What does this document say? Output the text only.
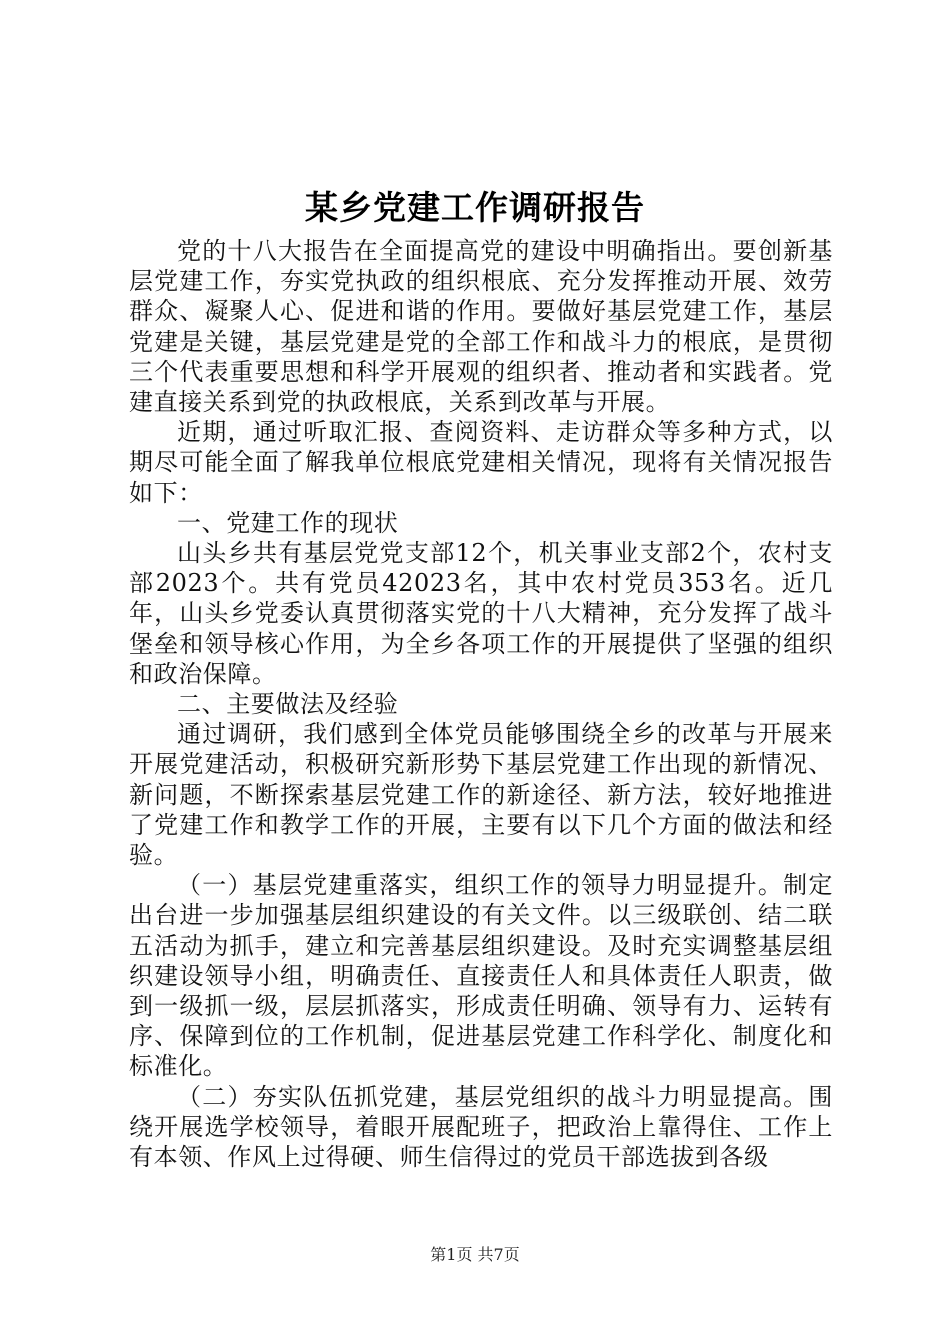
某乡党建工作调研报告

党的十八大报告在全面提高党的建设中明确指出。要创新基层党建工作，夯实党执政的组织根底、充分发挥推动开展、效劳群众、凝聚人心、促进和谐的作用。要做好基层党建工作，基层党建是关键，基层党建是党的全部工作和战斗力的根底，是贯彻三个代表重要思想和科学开展观的组织者、推动者和实践者。党建直接关系到党的执政根底，关系到改革与开展。

近期，通过听取汇报、查阅资料、走访群众等多种方式，以期尽可能全面了解我单位根底党建相关情况，现将有关情况报告如下：

一、党建工作的现状

山头乡共有基层党党支部12个，机关事业支部2个，农村支部2023个。共有党员42023名，其中农村党员353名。近几年，山头乡党委认真贯彻落实党的十八大精神，充分发挥了战斗堡垒和领导核心作用，为全乡各项工作的开展提供了坚强的组织和政治保障。

二、主要做法及经验

通过调研，我们感到全体党员能够围绕全乡的改革与开展来开展党建活动，积极研究新形势下基层党建工作出现的新情况、新问题，不断探索基层党建工作的新途径、新方法，较好地推进了党建工作和教学工作的开展，主要有以下几个方面的做法和经验。

（一）基层党建重落实，组织工作的领导力明显提升。制定出台进一步加强基层组织建设的有关文件。以三级联创、结二联五活动为抓手，建立和完善基层组织建设。及时充实调整基层组织建设领导小组，明确责任、直接责任人和具体责任人职责，做到一级抓一级，层层抓落实，形成责任明确、领导有力、运转有序、保障到位的工作机制，促进基层党建工作科学化、制度化和标准化。

（二）夯实队伍抓党建，基层党组织的战斗力明显提高。围绕开展选学校领导，着眼开展配班子，把政治上靠得住、工作上有本领、作风上过得硬、师生信得过的党员干部选拔到各级

第1页 共7页
